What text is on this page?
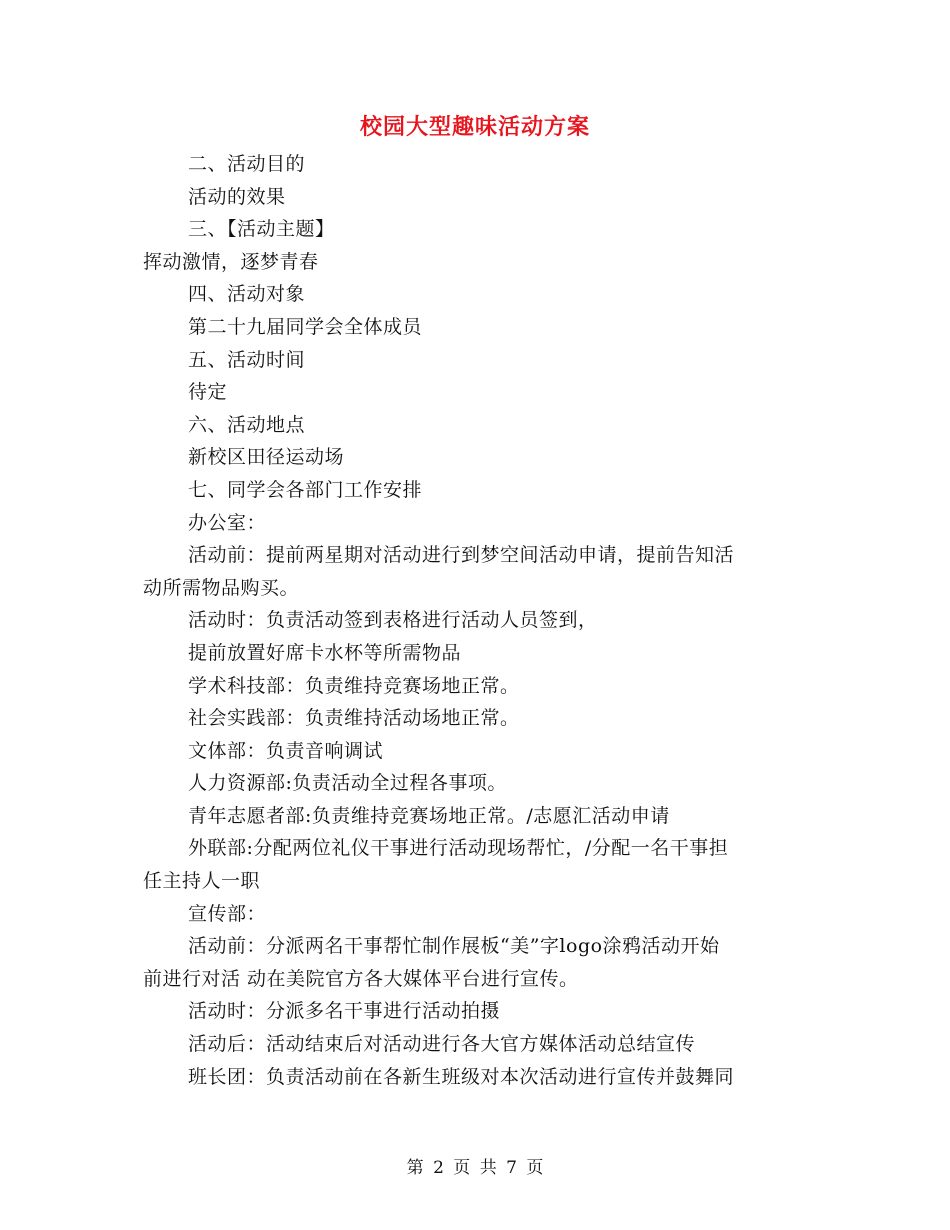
校园大型趣味活动方案
二、活动目的
活动的效果
三、【活动主题】
挥动激情，逐梦青春
四、活动对象
第二十九届同学会全体成员
五、活动时间
待定
六、活动地点
新校区田径运动场
七、同学会各部门工作安排
办公室：
活动前：提前两星期对活动进行到梦空间活动申请，提前告知活
动所需物品购买。
活动时：负责活动签到表格进行活动人员签到，
提前放置好席卡水杯等所需物品
学术科技部：负责维持竞赛场地正常。
社会实践部：负责维持活动场地正常。
文体部：负责音响调试
人力资源部:负责活动全过程各事项。
青年志愿者部:负责维持竞赛场地正常。/志愿汇活动申请
外联部:分配两位礼仪干事进行活动现场帮忙，/分配一名干事担
任主持人一职
宣传部：
活动前：分派两名干事帮忙制作展板“美”字logo涂鸦活动开始
前进行对活 动在美院官方各大媒体平台进行宣传。
活动时：分派多名干事进行活动拍摄
活动后：活动结束后对活动进行各大官方媒体活动总结宣传
班长团：负责活动前在各新生班级对本次活动进行宣传并鼓舞同
第 2 页 共 7 页
